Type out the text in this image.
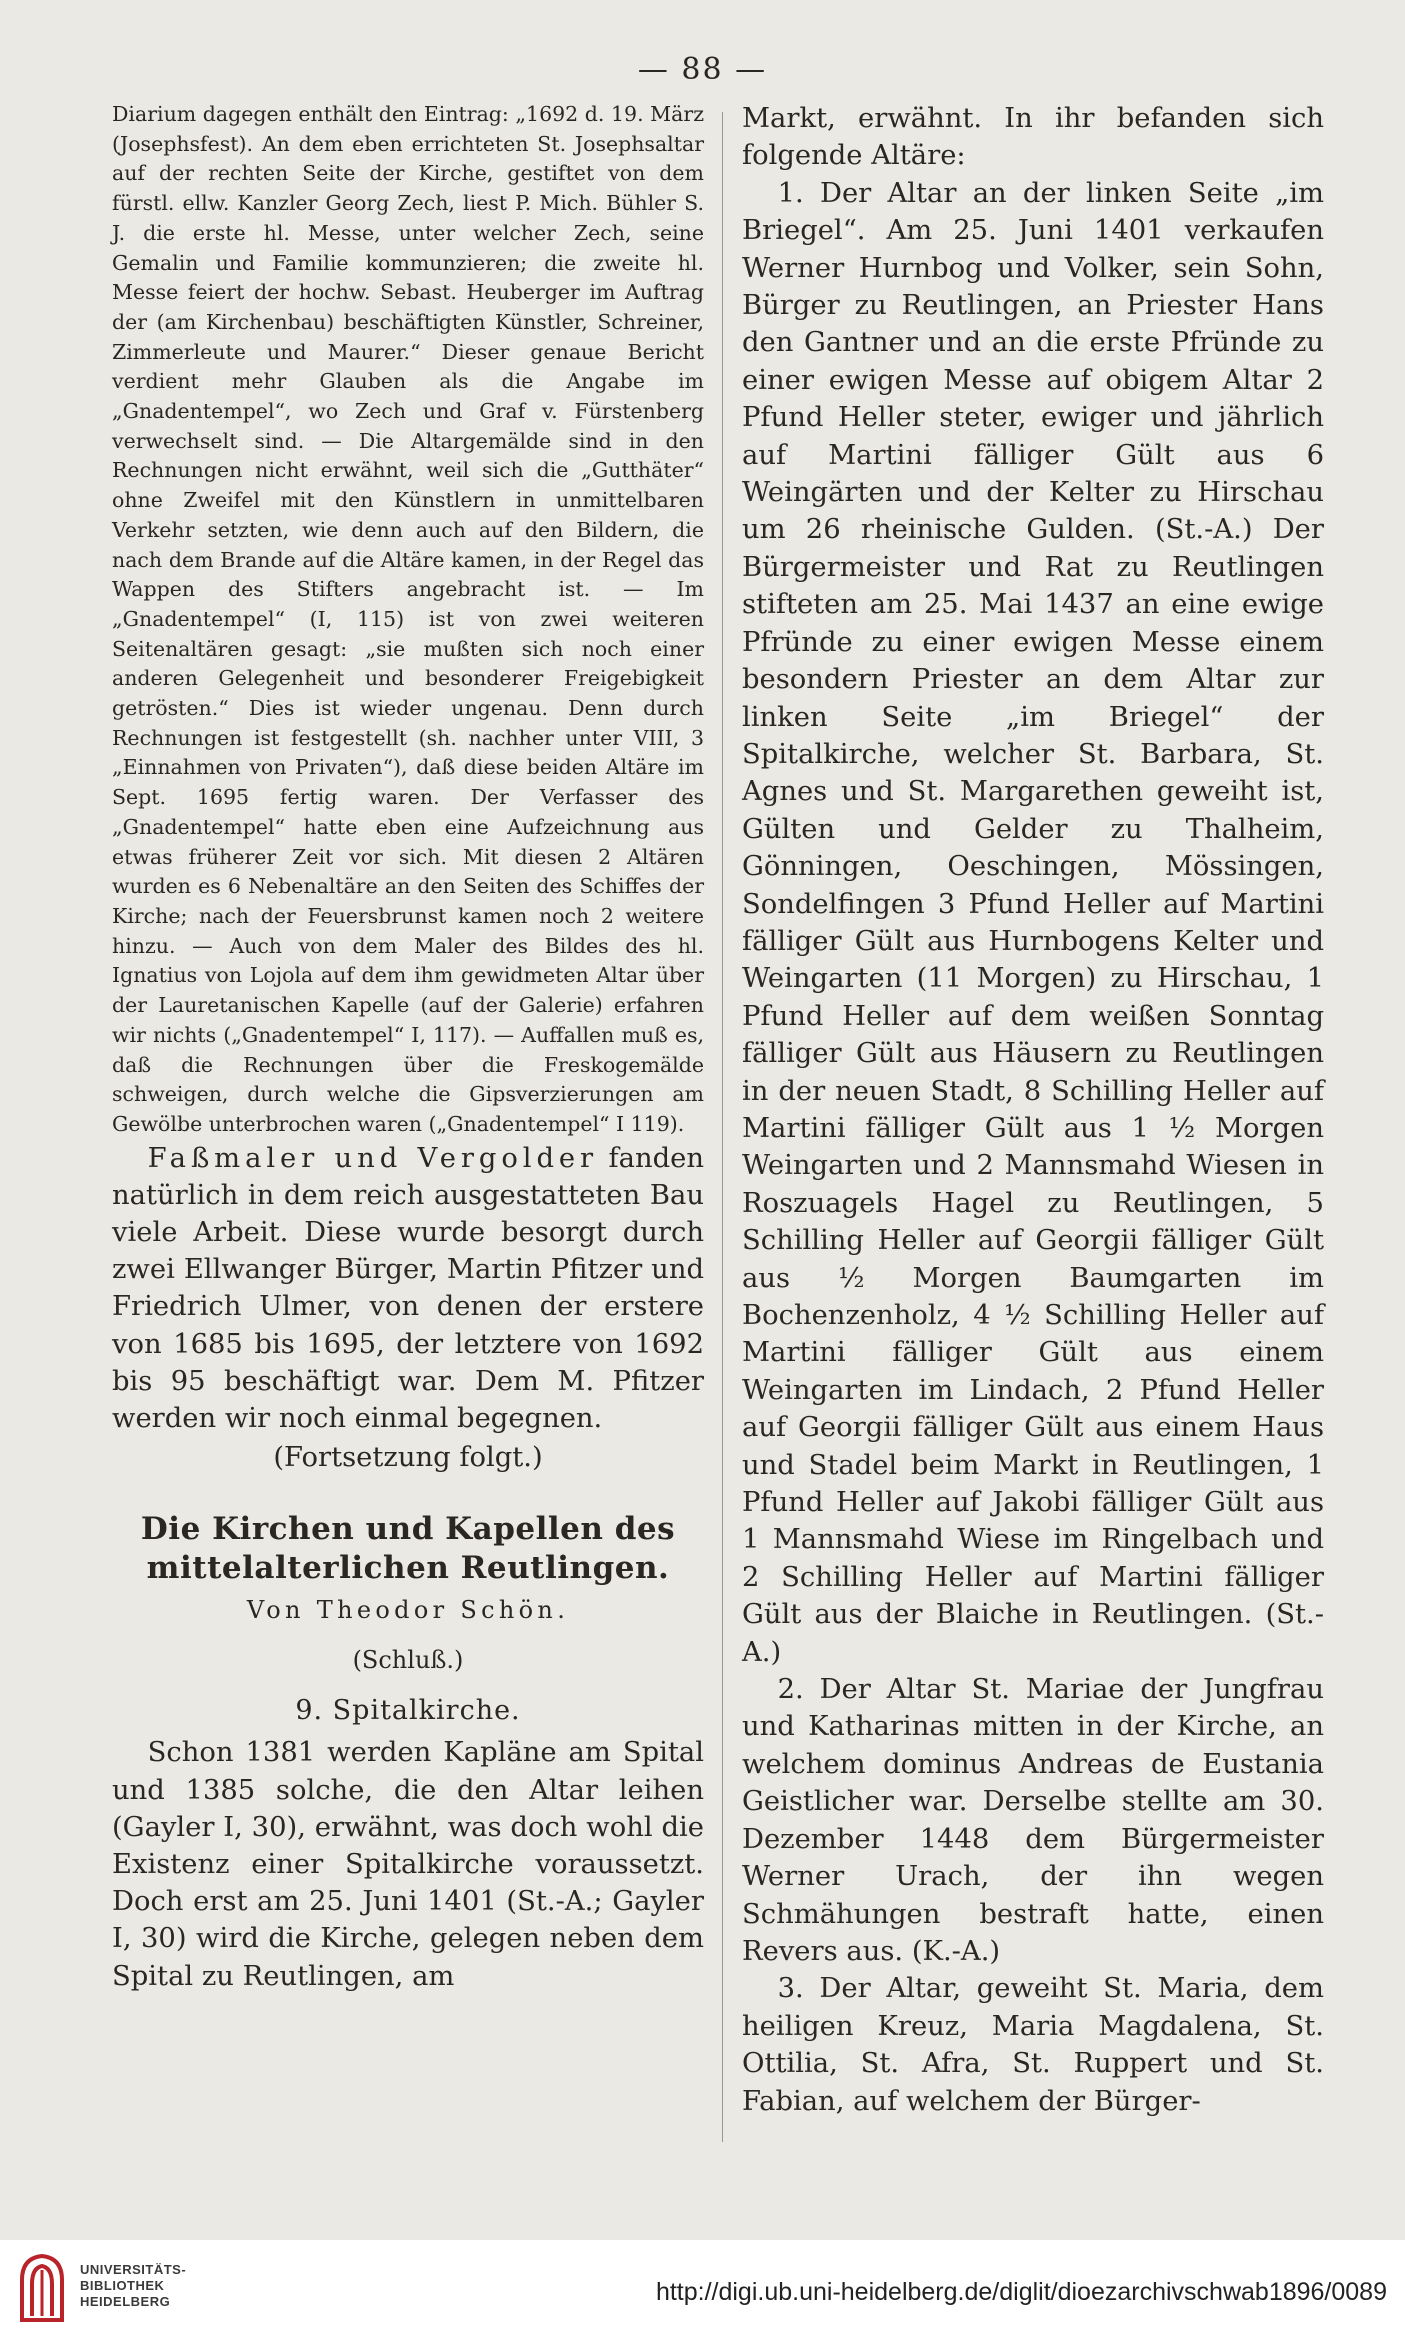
— 88 —

Diarium dagegen enthält den Eintrag: „1692 d. 19. März (Josephsfest). An dem eben errichteten St. Josephsaltar auf der rechten Seite der Kirche, gestiftet von dem fürstl. ellw. Kanzler Georg Zech, liest P. Mich. Bühler S. J. die erste hl. Messe, unter welcher Zech, seine Gemalin und Familie kommunzieren; die zweite hl. Messe feiert der hochw. Sebast. Heuberger im Auftrag der (am Kirchenbau) beschäftigten Künstler, Schreiner, Zimmerleute und Maurer.“ Dieser genaue Bericht verdient mehr Glauben als die Angabe im „Gnadentempel“, wo Zech und Graf v. Fürstenberg verwechselt sind. — Die Altargemälde sind in den Rechnungen nicht erwähnt, weil sich die „Gutthäter“ ohne Zweifel mit den Künstlern in unmittelbaren Verkehr setzten, wie denn auch auf den Bildern, die nach dem Brande auf die Altäre kamen, in der Regel das Wappen des Stifters angebracht ist. — Im „Gnadentempel“ (I, 115) ist von zwei weiteren Seitenaltären gesagt: „sie mußten sich noch einer anderen Gelegenheit und besonderer Freigebigkeit getrösten.“ Dies ist wieder ungenau. Denn durch Rechnungen ist festgestellt (sh. nachher unter VIII, 3 „Einnahmen von Privaten“), daß diese beiden Altäre im Sept. 1695 fertig waren. Der Verfasser des „Gnadentempel“ hatte eben eine Aufzeichnung aus etwas früherer Zeit vor sich. Mit diesen 2 Altären wurden es 6 Nebenaltäre an den Seiten des Schiffes der Kirche; nach der Feuersbrunst kamen noch 2 weitere hinzu. — Auch von dem Maler des Bildes des hl. Ignatius von Lojola auf dem ihm gewidmeten Altar über der Lauretanischen Kapelle (auf der Galerie) erfahren wir nichts („Gnadentempel“ I, 117). — Auffallen muß es, daß die Rechnungen über die Freskogemälde schweigen, durch welche die Gipsverzierungen am Gewölbe unterbrochen waren („Gnadentempel“ I 119).

Faßmaler und Vergolder fanden natürlich in dem reich ausgestatteten Bau viele Arbeit. Diese wurde besorgt durch zwei Ellwanger Bürger, Martin Pfitzer und Friedrich Ulmer, von denen der erstere von 1685 bis 1695, der letztere von 1692 bis 95 beschäftigt war. Dem M. Pfitzer werden wir noch einmal begegnen.

(Fortsetzung folgt.)

Die Kirchen und Kapellen des mittelalterlichen Reutlingen.
Von Theodor Schön.
(Schluß.)
9. Spitalkirche.

Schon 1381 werden Kapläne am Spital und 1385 solche, die den Altar leihen (Gayler I, 30), erwähnt, was doch wohl die Existenz einer Spitalkirche voraussetzt. Doch erst am 25. Juni 1401 (St.-A.; Gayler I, 30) wird die Kirche, gelegen neben dem Spital zu Reutlingen, am

Markt, erwähnt. In ihr befanden sich folgende Altäre:

1. Der Altar an der linken Seite „im Briegel“. Am 25. Juni 1401 verkaufen Werner Hurnbog und Volker, sein Sohn, Bürger zu Reutlingen, an Priester Hans den Gantner und an die erste Pfründe zu einer ewigen Messe auf obigem Altar 2 Pfund Heller steter, ewiger und jährlich auf Martini fälliger Gült aus 6 Weingärten und der Kelter zu Hirschau um 26 rheinische Gulden. (St.-A.) Der Bürgermeister und Rat zu Reutlingen stifteten am 25. Mai 1437 an eine ewige Pfründe zu einer ewigen Messe einem besondern Priester an dem Altar zur linken Seite „im Briegel“ der Spitalkirche, welcher St. Barbara, St. Agnes und St. Margarethen geweiht ist, Gülten und Gelder zu Thalheim, Gönningen, Oeschingen, Mössingen, Sondelfingen 3 Pfund Heller auf Martini fälliger Gült aus Hurnbogens Kelter und Weingarten (11 Morgen) zu Hirschau, 1 Pfund Heller auf dem weißen Sonntag fälliger Gült aus Häusern zu Reutlingen in der neuen Stadt, 8 Schilling Heller auf Martini fälliger Gült aus 1 ½ Morgen Weingarten und 2 Mannsmahd Wiesen in Roszuagels Hagel zu Reutlingen, 5 Schilling Heller auf Georgii fälliger Gült aus ½ Morgen Baumgarten im Bochenzenholz, 4 ½ Schilling Heller auf Martini fälliger Gült aus einem Weingarten im Lindach, 2 Pfund Heller auf Georgii fälliger Gült aus einem Haus und Stadel beim Markt in Reutlingen, 1 Pfund Heller auf Jakobi fälliger Gült aus 1 Mannsmahd Wiese im Ringelbach und 2 Schilling Heller auf Martini fälliger Gült aus der Blaiche in Reutlingen. (St.-A.)

2. Der Altar St. Mariae der Jungfrau und Katharinas mitten in der Kirche, an welchem dominus Andreas de Eustania Geistlicher war. Derselbe stellte am 30. Dezember 1448 dem Bürgermeister Werner Urach, der ihn wegen Schmähungen bestraft hatte, einen Revers aus. (K.-A.)

3. Der Altar, geweiht St. Maria, dem heiligen Kreuz, Maria Magdalena, St. Ottilia, St. Afra, St. Ruppert und St. Fabian, auf welchem der Bürger-

UNIVERSITÄTS-
BIBLIOTHEK
HEIDELBERG	http://digi.ub.uni-heidelberg.de/diglit/dioezarchivschwab1896/0089
